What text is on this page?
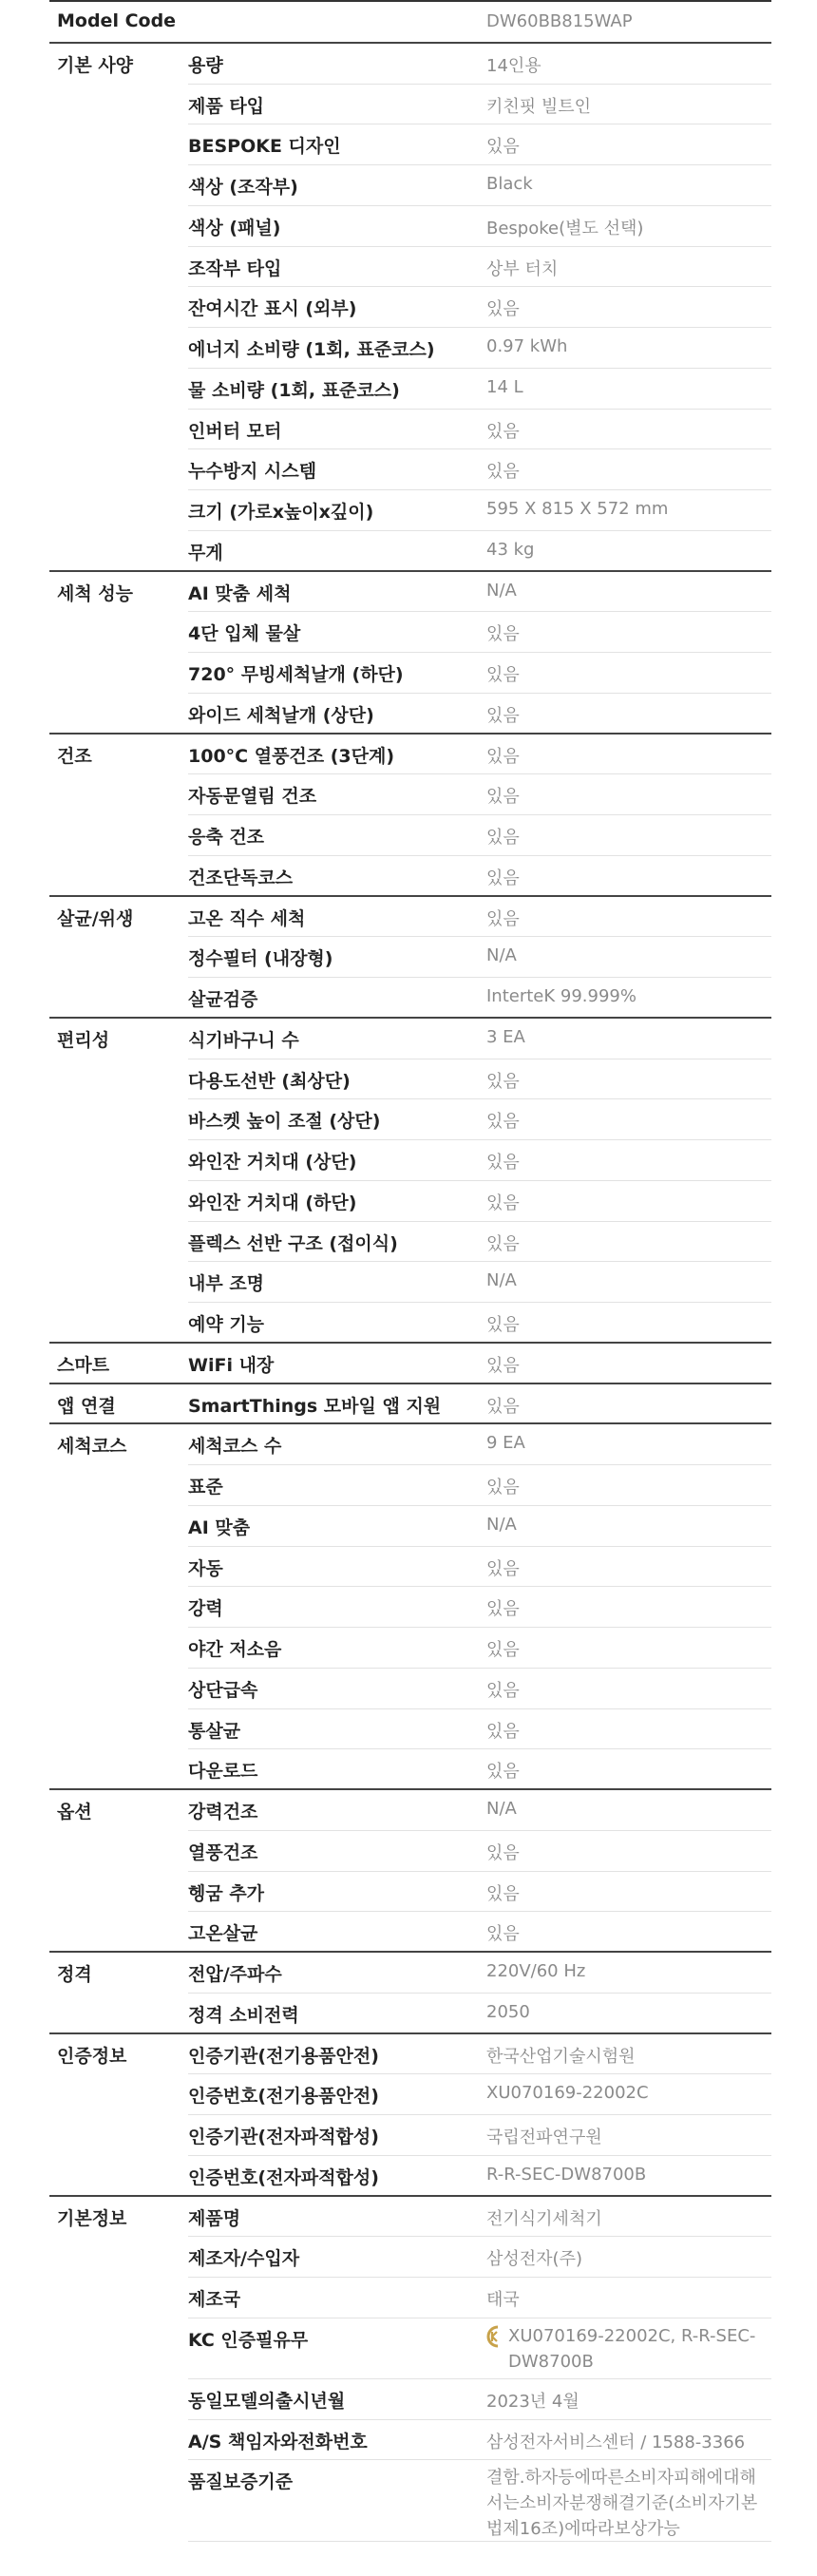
Model Code	DW60BB815WAP
기본 사양	용량	14인용
제품 타입	키친핏 빌트인
BESPOKE 디자인	있음
색상 (조작부)	Black
색상 (패널)	Bespoke(별도 선택)
조작부 타입	상부 터치
잔여시간 표시 (외부)	있음
에너지 소비량 (1회, 표준코스)	0.97 kWh
물 소비량 (1회, 표준코스)	14 L
인버터 모터	있음
누수방지 시스템	있음
크기 (가로x높이x깊이)	595 X 815 X 572 mm
무게	43 kg
세척 성능	AI 맞춤 세척	N/A
4단 입체 물살	있음
720° 무빙세척날개 (하단)	있음
와이드 세척날개 (상단)	있음
건조	100°C 열풍건조 (3단계)	있음
자동문열림 건조	있음
응축 건조	있음
건조단독코스	있음
살균/위생	고온 직수 세척	있음
정수필터 (내장형)	N/A
살균검증	IntertеK 99.999%
편리성	식기바구니 수	3 EA
다용도선반 (최상단)	있음
바스켓 높이 조절 (상단)	있음
와인잔 거치대 (상단)	있음
와인잔 거치대 (하단)	있음
플렉스 선반 구조 (접이식)	있음
내부 조명	N/A
예약 기능	있음
스마트	WiFi 내장	있음
앱 연결	SmartThings 모바일 앱 지원	있음
세척코스	세척코스 수	9 EA
표준	있음
AI 맞춤	N/A
자동	있음
강력	있음
야간 저소음	있음
상단급속	있음
통살균	있음
다운로드	있음
옵션	강력건조	N/A
열풍건조	있음
헹굼 추가	있음
고온살균	있음
정격	전압/주파수	220V/60 Hz
정격 소비전력	2050
인증정보	인증기관(전기용품안전)	한국산업기술시험원
인증번호(전기용품안전)	XU070169-22002C
인증기관(전자파적합성)	국립전파연구원
인증번호(전자파적합성)	R-R-SEC-DW8700B
기본정보	제품명	전기식기세척기
제조자/수입자	삼성전자(주)
제조국	태국
KC 인증필유무	XU070169-22002C, R-R-SEC-DW8700B
동일모델의출시년월	2023년 4월
A/S 책임자와전화번호	삼성전자서비스센터 / 1588-3366
품질보증기준	결함.하자등에따른소비자피해에대해서는소비자분쟁해결기준(소비자기본법제16조)에따라보상가능
